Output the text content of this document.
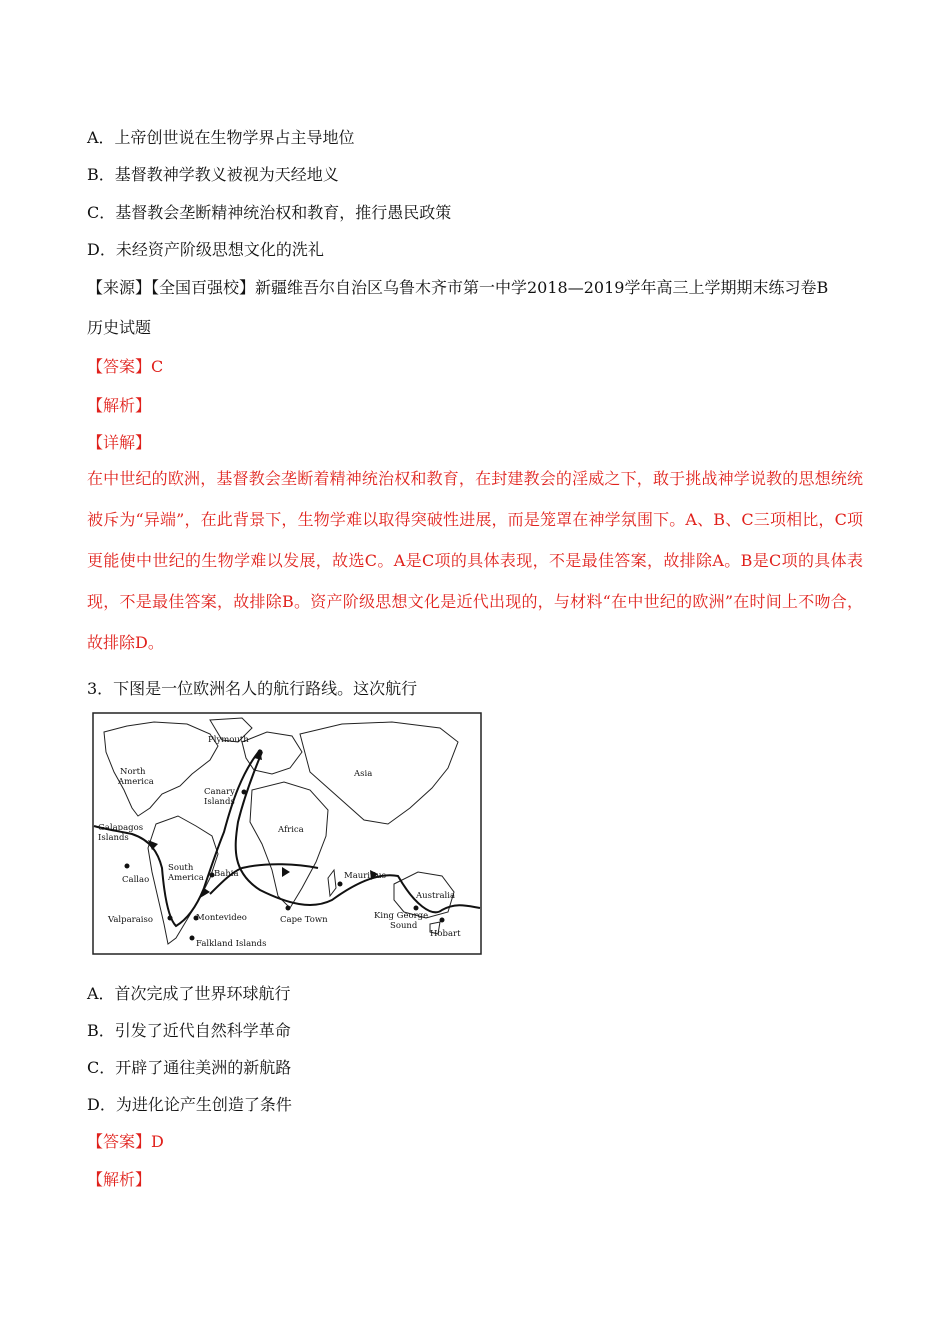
A．上帝创世说在生物学界占主导地位
B．基督教神学教义被视为天经地义
C．基督教会垄断精神统治权和教育，推行愚民政策
D．未经资产阶级思想文化的洗礼
【来源】【全国百强校】新疆维吾尔自治区乌鲁木齐市第一中学2018—2019学年高三上学期期末练习卷B
历史试题
【答案】C
【解析】
【详解】
在中世纪的欧洲，基督教会垄断着精神统治权和教育，在封建教会的淫威之下，敢于挑战神学说教的思想统统被斥为“异端”，在此背景下，生物学难以取得突破性进展，而是笼罩在神学氛围下。A、B、C三项相比，C项更能使中世纪的生物学难以发展，故选C。A是C项的具体表现，不是最佳答案，故排除A。B是C项的具体表现，不是最佳答案，故排除B。资产阶级思想文化是近代出现的，与材料“在中世纪的欧洲”在时间上不吻合，故排除D。
3．下图是一位欧洲名人的航行路线。这次航行
Plymouth
North
America
Canary
Islands
Asia
Galapagos
Islands
Africa
South
America
Callao
Bahia	Mauritius
Australia
Valparaiso	Montevideo	Cape Town	King George
Sound
Hobart
Falkland Islands
A．首次完成了世界环球航行
B．引发了近代自然科学革命
C．开辟了通往美洲的新航路
D．为进化论产生创造了条件
【答案】D
【解析】
